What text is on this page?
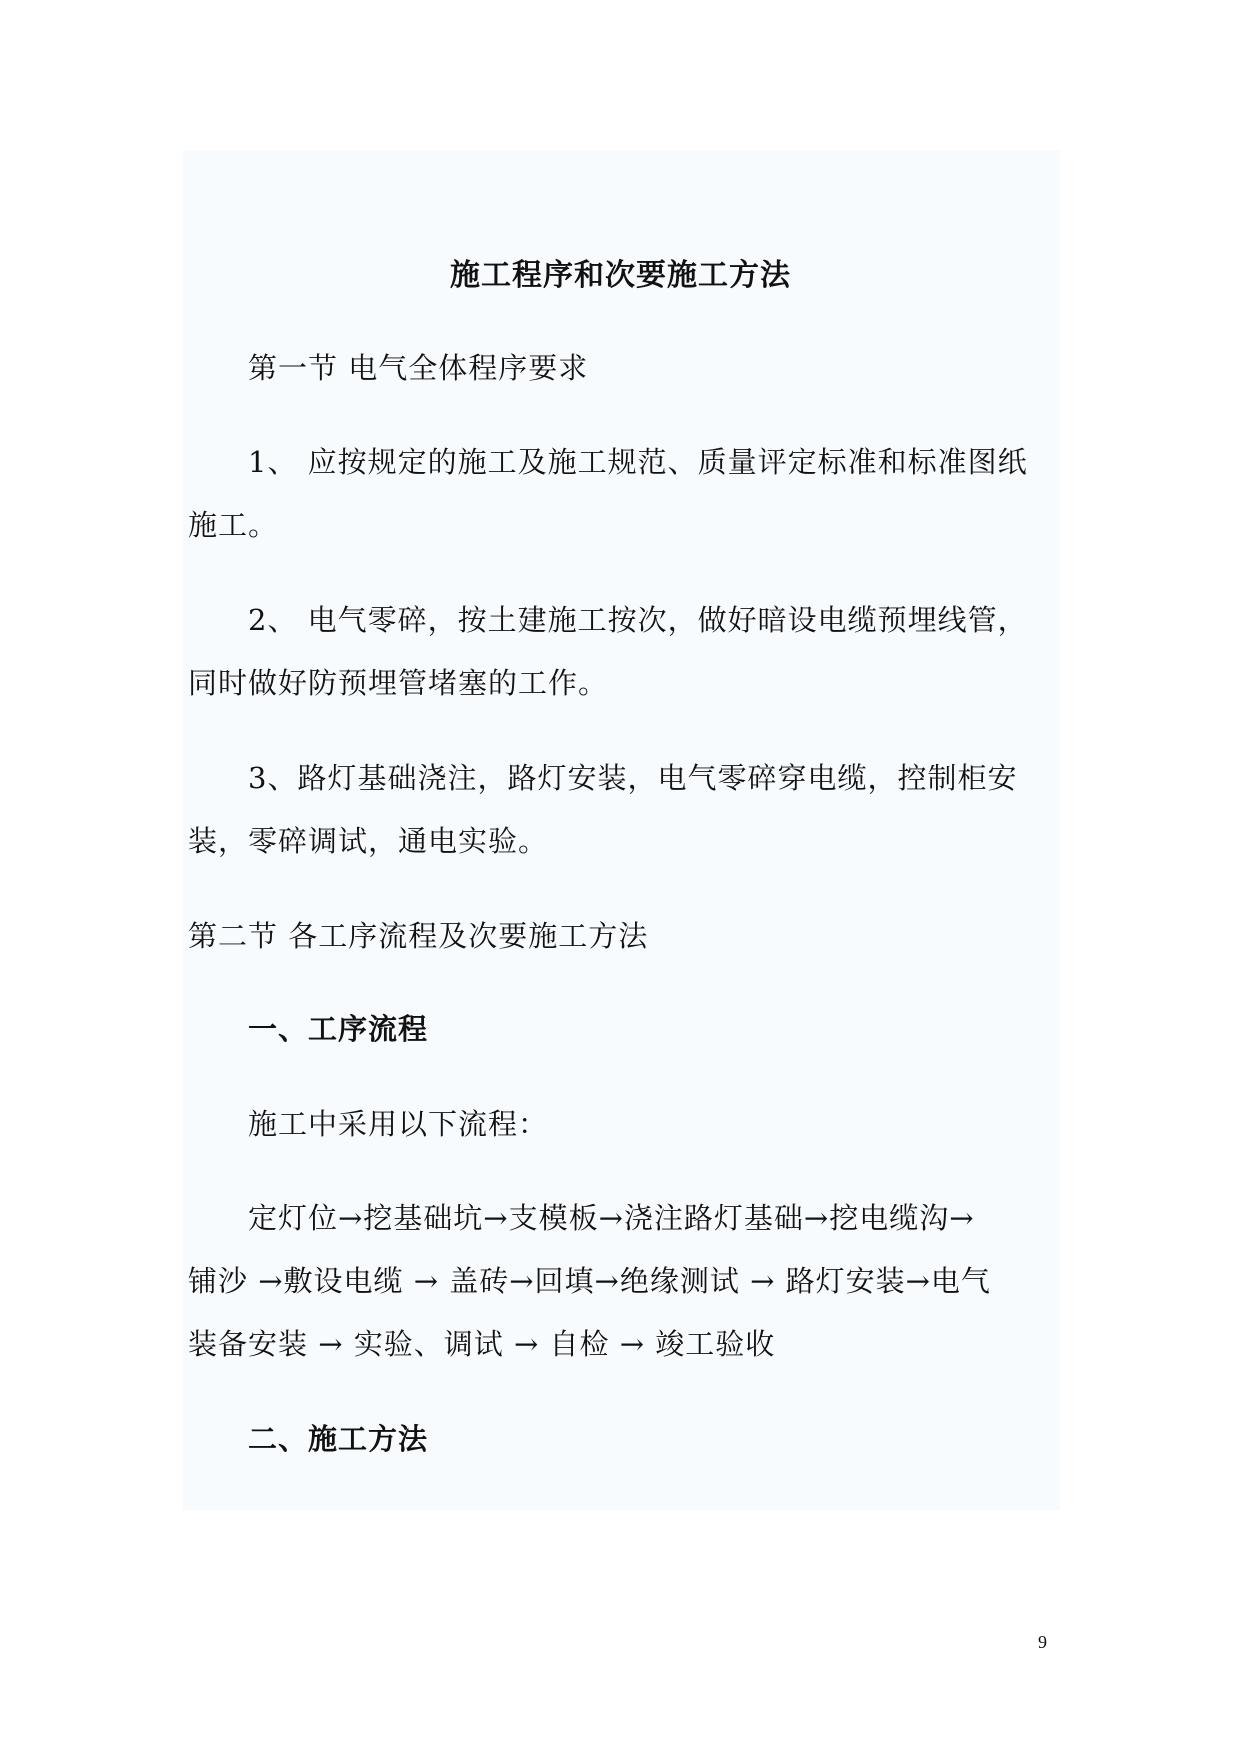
施工程序和次要施工方法
第一节 电气全体程序要求
1、 应按规定的施工及施工规范、质量评定标准和标准图纸
施工。
2、 电气零碎，按土建施工按次，做好暗设电缆预埋线管，
同时做好防预埋管堵塞的工作。
3、路灯基础浇注，路灯安装，电气零碎穿电缆，控制柜安
装，零碎调试，通电实验。
第二节 各工序流程及次要施工方法
一、工序流程
施工中采用以下流程：
定灯位→挖基础坑→支模板→浇注路灯基础→挖电缆沟→
铺沙 →敷设电缆 → 盖砖→回填→绝缘测试 → 路灯安装→电气
装备安装 → 实验、调试 → 自检 → 竣工验收
二、施工方法
9
